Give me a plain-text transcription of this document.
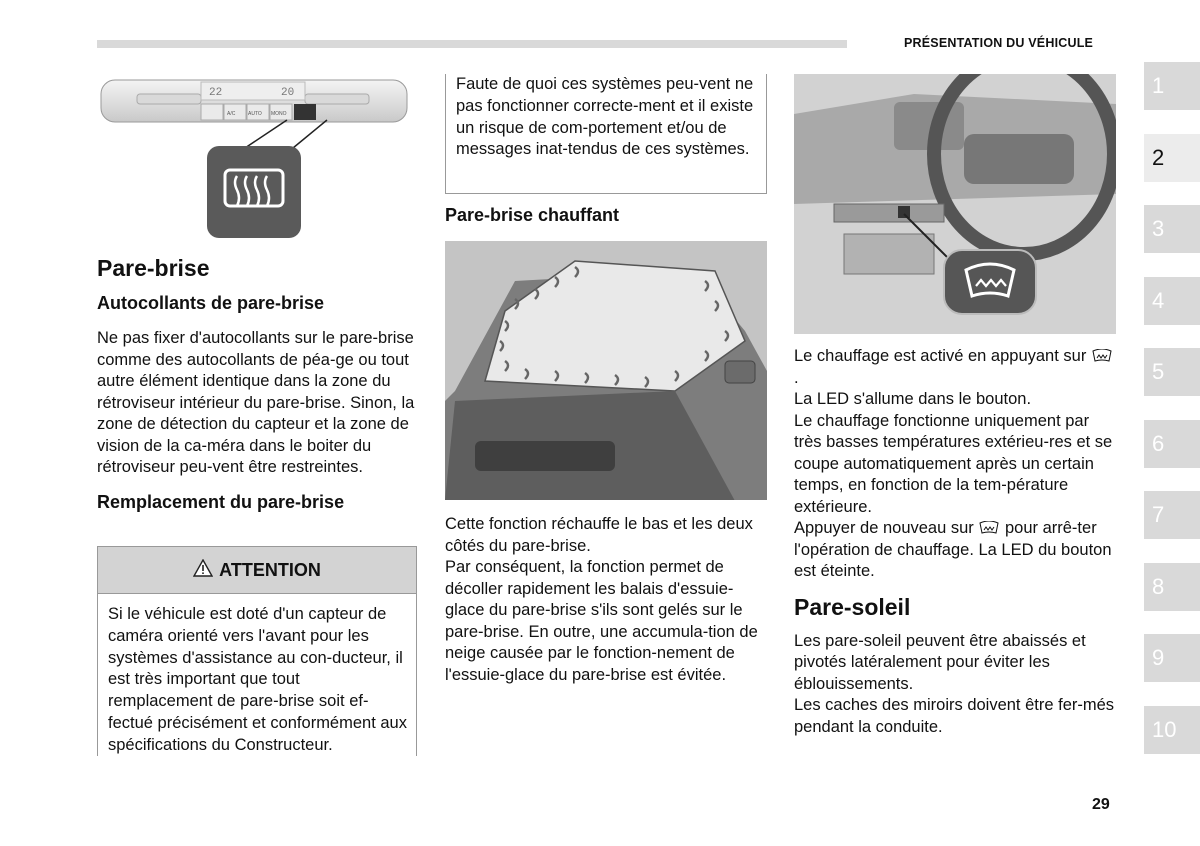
PRÉSENTATION DU VÉHICULE
1
2
3
4
5
6
7
8
9
10
22	20
A/C	AUTO MONO
Pare-brise
Autocollants de pare-brise

Ne pas fixer d'autocollants sur le pare-brise comme des autocollants de péa-ge ou tout autre élément identique dans la zone du rétroviseur intérieur du pare-brise. Sinon, la zone de détection du capteur et la zone de vision de la ca-méra dans le boiter du rétroviseur peu-vent être restreintes.

Remplacement du pare-brise
ATTENTION
Si le véhicule est doté d'un capteur de caméra orienté vers l'avant pour les systèmes d'assistance au con-ducteur, il est très important que tout remplacement de pare-brise soit ef-fectué précisément et conformément aux spécifications du Constructeur.
Faute de quoi ces systèmes peu-vent ne pas fonctionner correcte-ment et il existe un risque de com-portement et/ou de messages inat-tendus de ces systèmes.
Pare-brise chauffant

Cette fonction réchauffe le bas et les deux côtés du pare-brise.

Par conséquent, la fonction permet de décoller rapidement les balais d'essuie-glace du pare-brise s'ils sont gelés sur le pare-brise. En outre, une accumula-tion de neige causée par le fonction-nement de l'essuie-glace du pare-brise est évitée.

Le chauffage est activé en appuyant sur .

La LED s'allume dans le bouton.

Le chauffage fonctionne uniquement par très basses températures extérieu-res et se coupe automatiquement après un certain temps, en fonction de la tem-pérature extérieure.

Appuyer de nouveau sur pour arrê-ter l'opération de chauffage. La LED du bouton est éteinte.

Pare-soleil

Les pare-soleil peuvent être abaissés et pivotés latéralement pour éviter les éblouissements.

Les caches des miroirs doivent être fer-més pendant la conduite.

29
